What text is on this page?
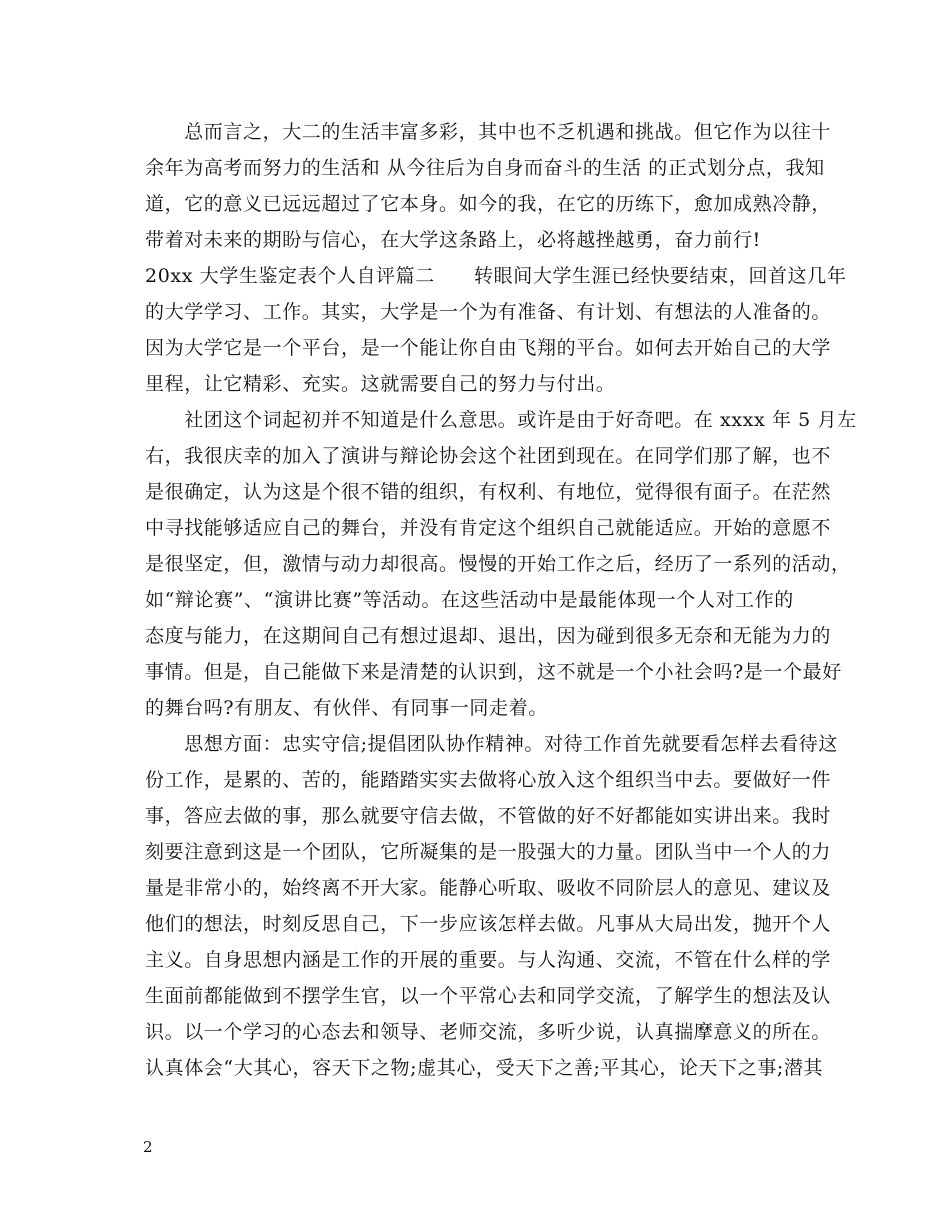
　　总而言之，大二的生活丰富多彩，其中也不乏机遇和挑战。但它作为以往十
余年为高考而努力的生活和 从今往后为自身而奋斗的生活 的正式划分点，我知
道，它的意义已远远超过了它本身。如今的我，在它的历练下，愈加成熟冷静，
带着对未来的期盼与信心，在大学这条路上，必将越挫越勇，奋力前行!
20xx 大学生鉴定表个人自评篇二　　转眼间大学生涯已经快要结束，回首这几年
的大学学习、工作。其实，大学是一个为有准备、有计划、有想法的人准备的。
因为大学它是一个平台，是一个能让你自由飞翔的平台。如何去开始自己的大学
里程，让它精彩、充实。这就需要自己的努力与付出。
　　社团这个词起初并不知道是什么意思。或许是由于好奇吧。在 xxxx 年 5 月左
右，我很庆幸的加入了演讲与辩论协会这个社团到现在。在同学们那了解，也不
是很确定，认为这是个很不错的组织，有权利、有地位，觉得很有面子。在茫然
中寻找能够适应自己的舞台，并没有肯定这个组织自己就能适应。开始的意愿不
是很坚定，但，激情与动力却很高。慢慢的开始工作之后，经历了一系列的活动，
如“辩论赛”、“演讲比赛”等活动。在这些活动中是最能体现一个人对工作的
态度与能力，在这期间自己有想过退却、退出，因为碰到很多无奈和无能为力的
事情。但是，自己能做下来是清楚的认识到，这不就是一个小社会吗?是一个最好
的舞台吗?有朋友、有伙伴、有同事一同走着。
　　思想方面：忠实守信;提倡团队协作精神。对待工作首先就要看怎样去看待这
份工作，是累的、苦的，能踏踏实实去做将心放入这个组织当中去。要做好一件
事，答应去做的事，那么就要守信去做，不管做的好不好都能如实讲出来。我时
刻要注意到这是一个团队，它所凝集的是一股强大的力量。团队当中一个人的力
量是非常小的，始终离不开大家。能静心听取、吸收不同阶层人的意见、建议及
他们的想法，时刻反思自己，下一步应该怎样去做。凡事从大局出发，抛开个人
主义。自身思想内涵是工作的开展的重要。与人沟通、交流，不管在什么样的学
生面前都能做到不摆学生官，以一个平常心去和同学交流，了解学生的想法及认
识。以一个学习的心态去和领导、老师交流，多听少说，认真揣摩意义的所在。
认真体会“大其心，容天下之物;虚其心，受天下之善;平其心，论天下之事;潜其
2
